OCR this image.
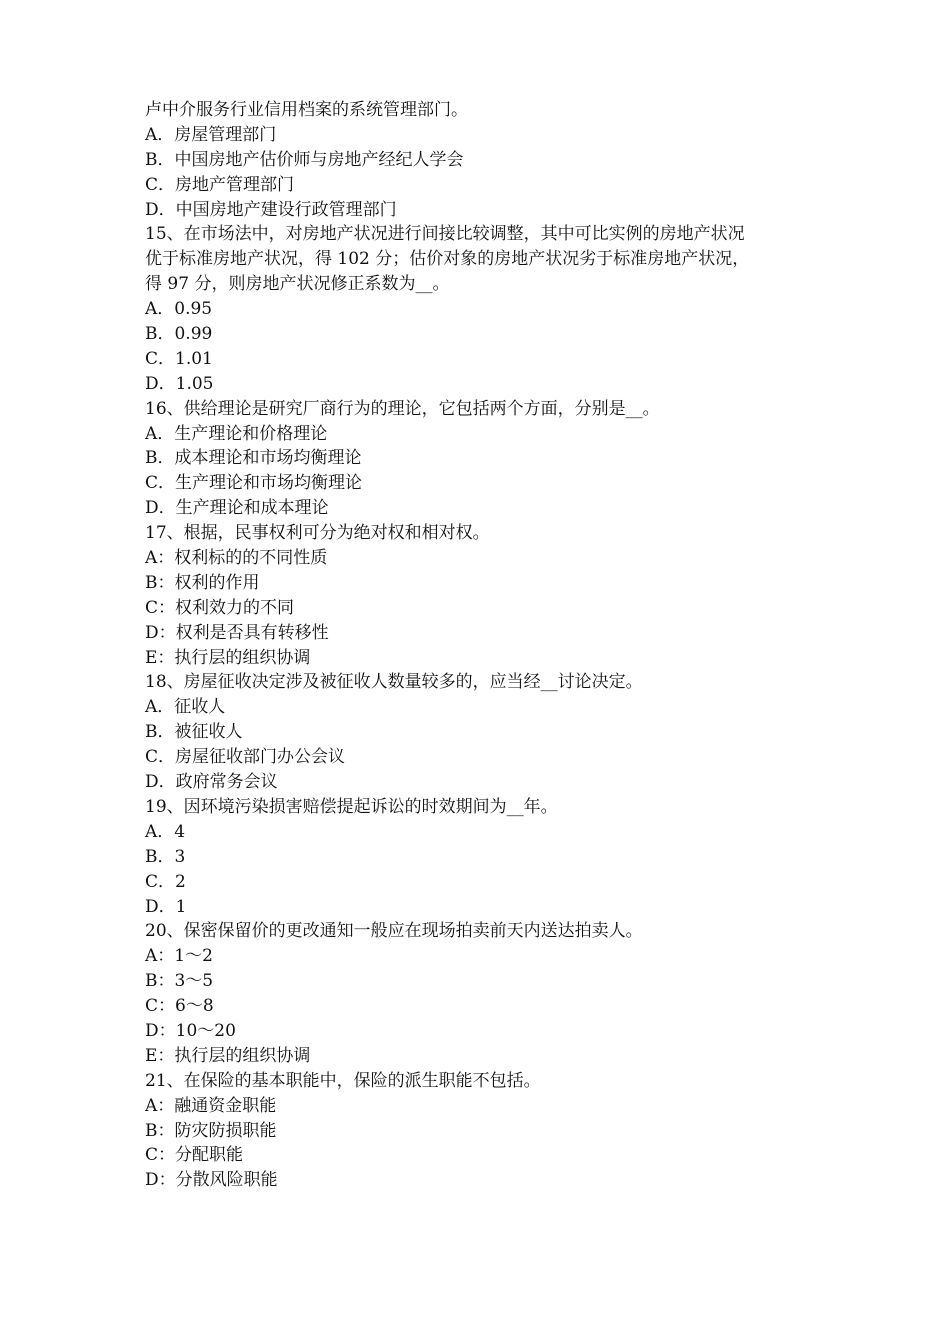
卢中介服务行业信用档案的系统管理部门。
A．房屋管理部门
B．中国房地产估价师与房地产经纪人学会
C．房地产管理部门
D．中国房地产建设行政管理部门
15、在市场法中，对房地产状况进行间接比较调整，其中可比实例的房地产状况
优于标准房地产状况，得 102 分；估价对象的房地产状况劣于标准房地产状况，
得 97 分，则房地产状况修正系数为__。
A．0.95
B．0.99
C．1.01
D．1.05
16、供给理论是研究厂商行为的理论，它包括两个方面，分别是__。
A．生产理论和价格理论
B．成本理论和市场均衡理论
C．生产理论和市场均衡理论
D．生产理论和成本理论
17、根据，民事权利可分为绝对权和相对权。
A：权利标的的不同性质
B：权利的作用
C：权利效力的不同
D：权利是否具有转移性
E：执行层的组织协调
18、房屋征收决定涉及被征收人数量较多的，应当经__讨论决定。
A．征收人
B．被征收人
C．房屋征收部门办公会议
D．政府常务会议
19、因环境污染损害赔偿提起诉讼的时效期间为__年。
A．4
B．3
C．2
D．1
20、保密保留价的更改通知一般应在现场拍卖前天内送达拍卖人。
A：1～2
B：3～5
C：6～8
D：10～20
E：执行层的组织协调
21、在保险的基本职能中，保险的派生职能不包括。
A：融通资金职能
B：防灾防损职能
C：分配职能
D：分散风险职能
